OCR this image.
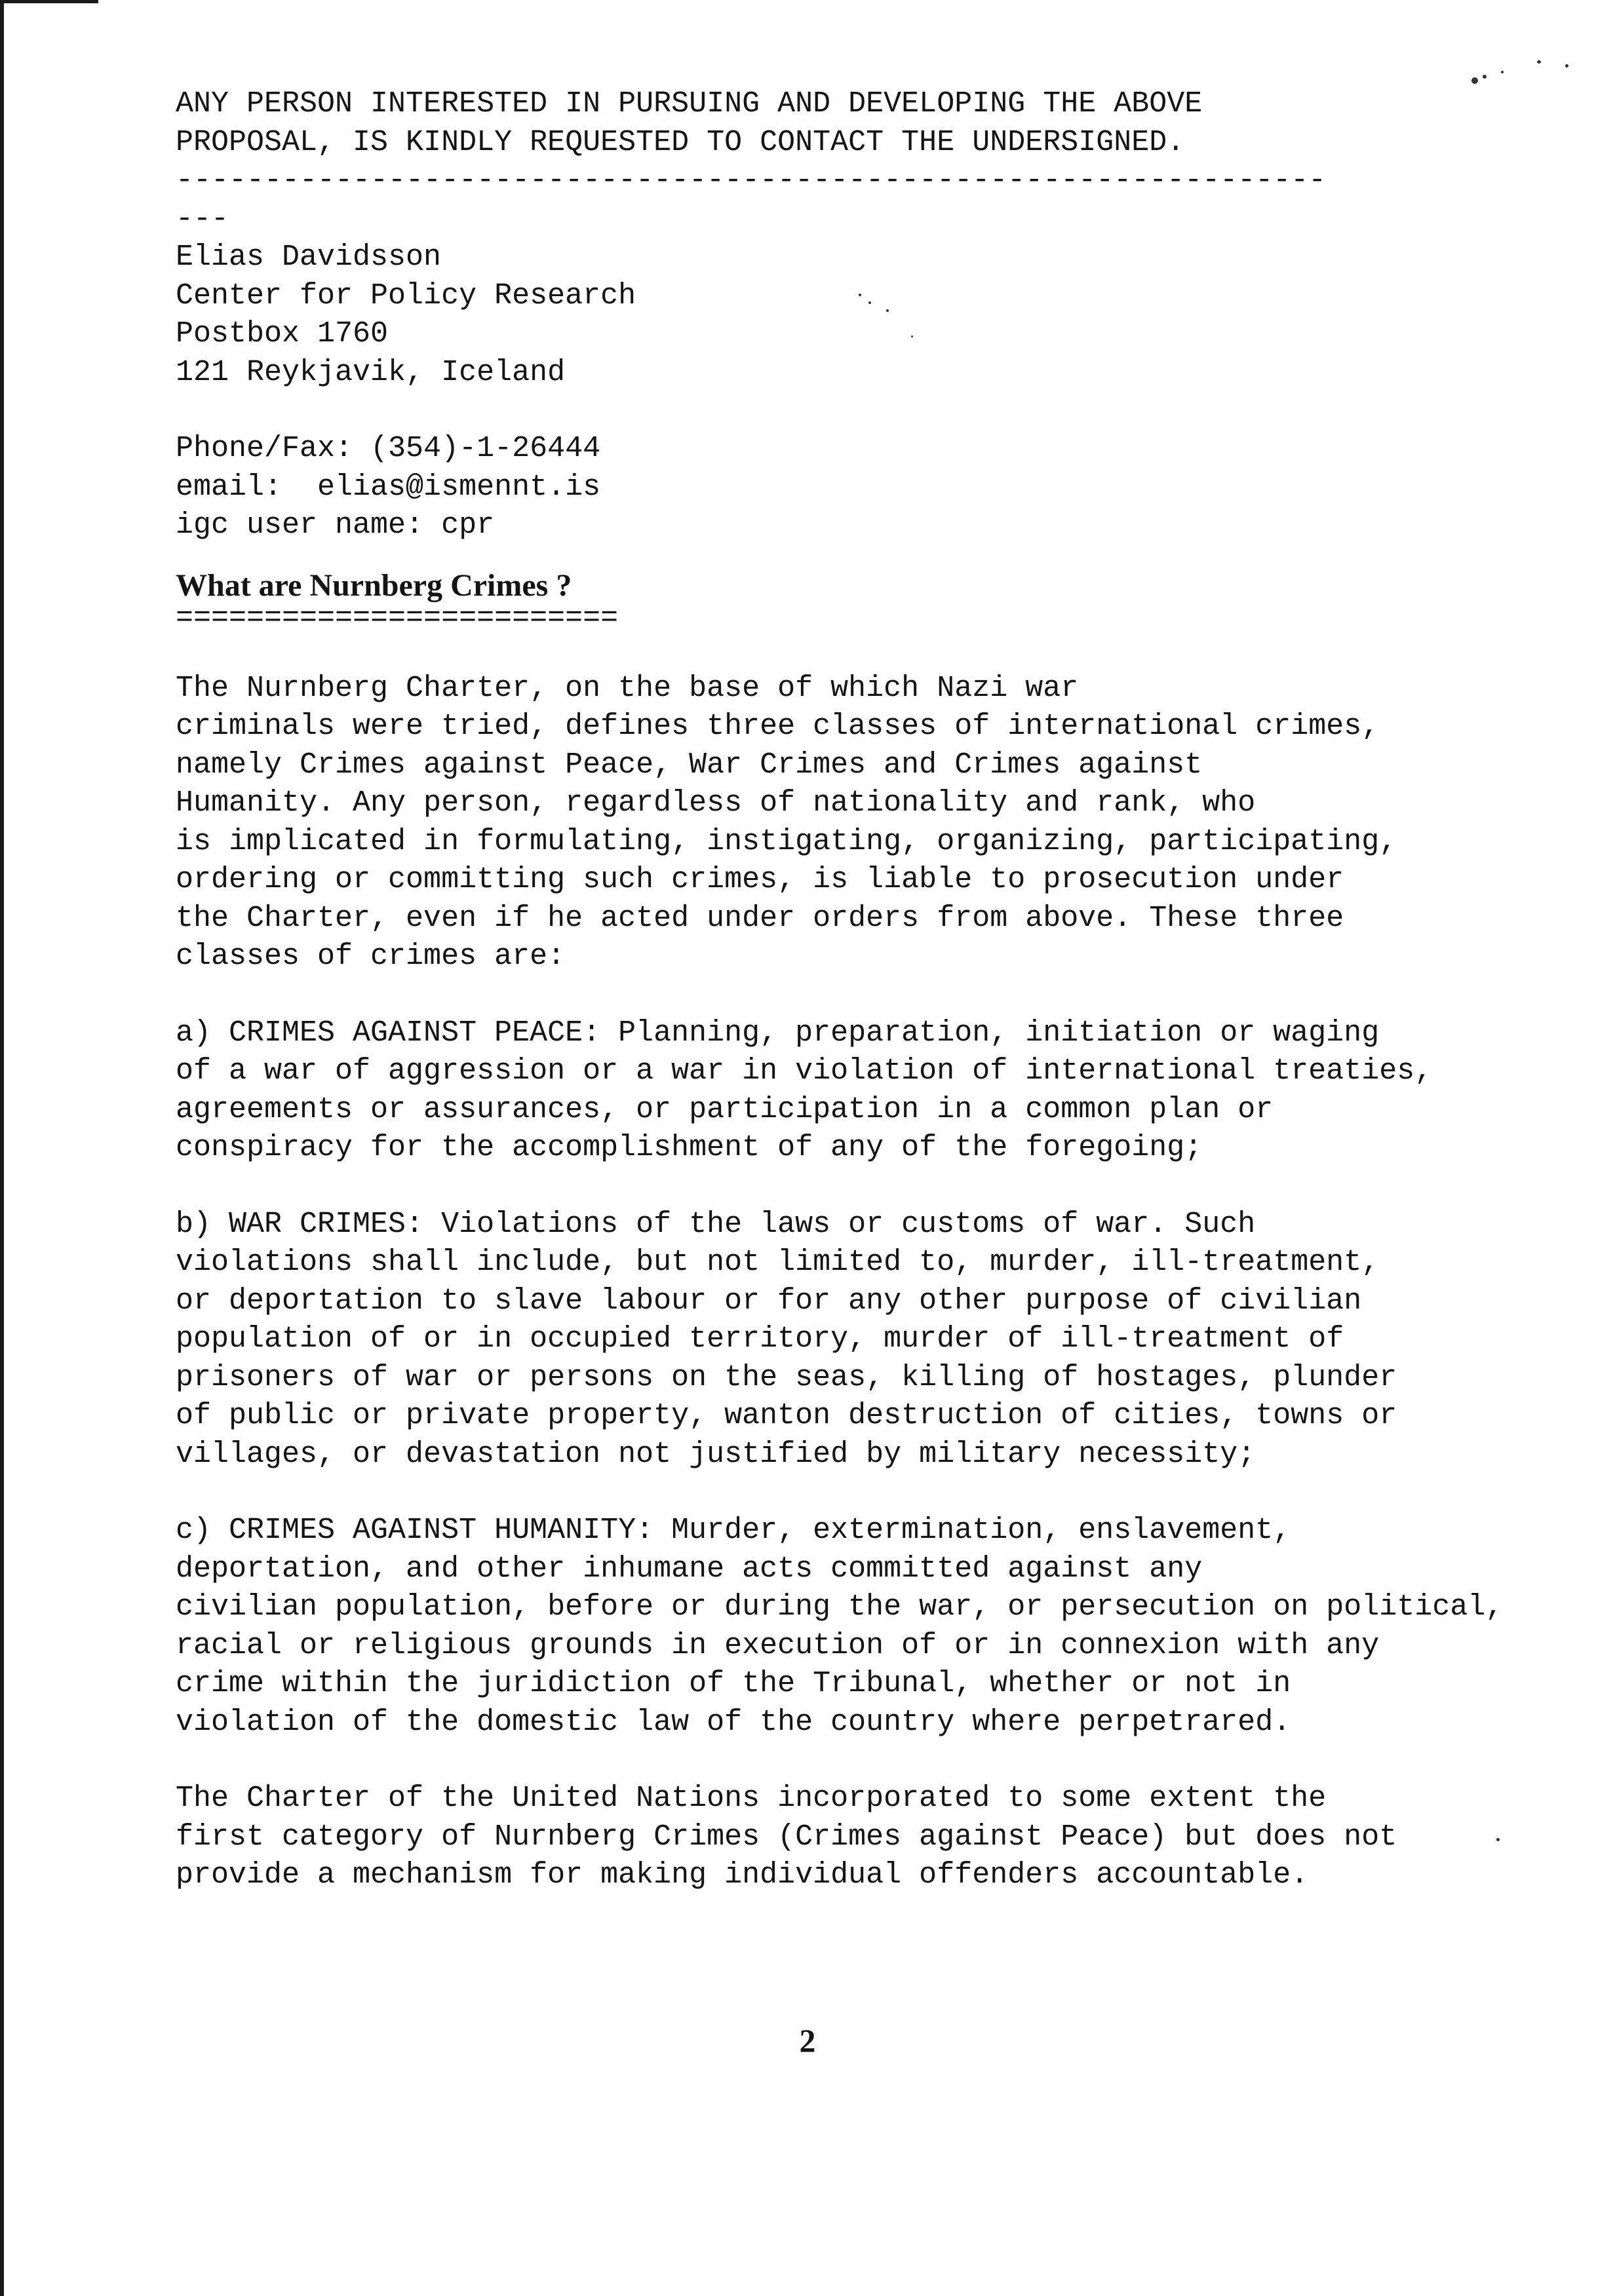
ANY PERSON INTERESTED IN PURSUING AND DEVELOPING THE ABOVE

PROPOSAL, IS KINDLY REQUESTED TO CONTACT THE UNDERSIGNED.

-----------------------------------------------------------------

---

Elias Davidsson

Center for Policy Research

Postbox 1760

121 Reykjavik, Iceland

Phone/Fax: (354)-1-26444

email:  elias@ismennt.is

igc user name: cpr

What are Nurnberg Crimes ?

=========================

The Nurnberg Charter, on the base of which Nazi war

criminals were tried, defines three classes of international crimes,

namely Crimes against Peace, War Crimes and Crimes against

Humanity. Any person, regardless of nationality and rank, who

is implicated in formulating, instigating, organizing, participating,

ordering or committing such crimes, is liable to prosecution under

the Charter, even if he acted under orders from above. These three

classes of crimes are:

a) CRIMES AGAINST PEACE: Planning, preparation, initiation or waging

of a war of aggression or a war in violation of international treaties,

agreements or assurances, or participation in a common plan or

conspiracy for the accomplishment of any of the foregoing;

b) WAR CRIMES: Violations of the laws or customs of war. Such

violations shall include, but not limited to, murder, ill-treatment,

or deportation to slave labour or for any other purpose of civilian

population of or in occupied territory, murder of ill-treatment of

prisoners of war or persons on the seas, killing of hostages, plunder

of public or private property, wanton destruction of cities, towns or

villages, or devastation not justified by military necessity;

c) CRIMES AGAINST HUMANITY: Murder, extermination, enslavement,

deportation, and other inhumane acts committed against any

civilian population, before or during the war, or persecution on political,

racial or religious grounds in execution of or in connexion with any

crime within the juridiction of the Tribunal, whether or not in

violation of the domestic law of the country where perpetrared.

The Charter of the United Nations incorporated to some extent the

first category of Nurnberg Crimes (Crimes against Peace) but does not

provide a mechanism for making individual offenders accountable.

2
